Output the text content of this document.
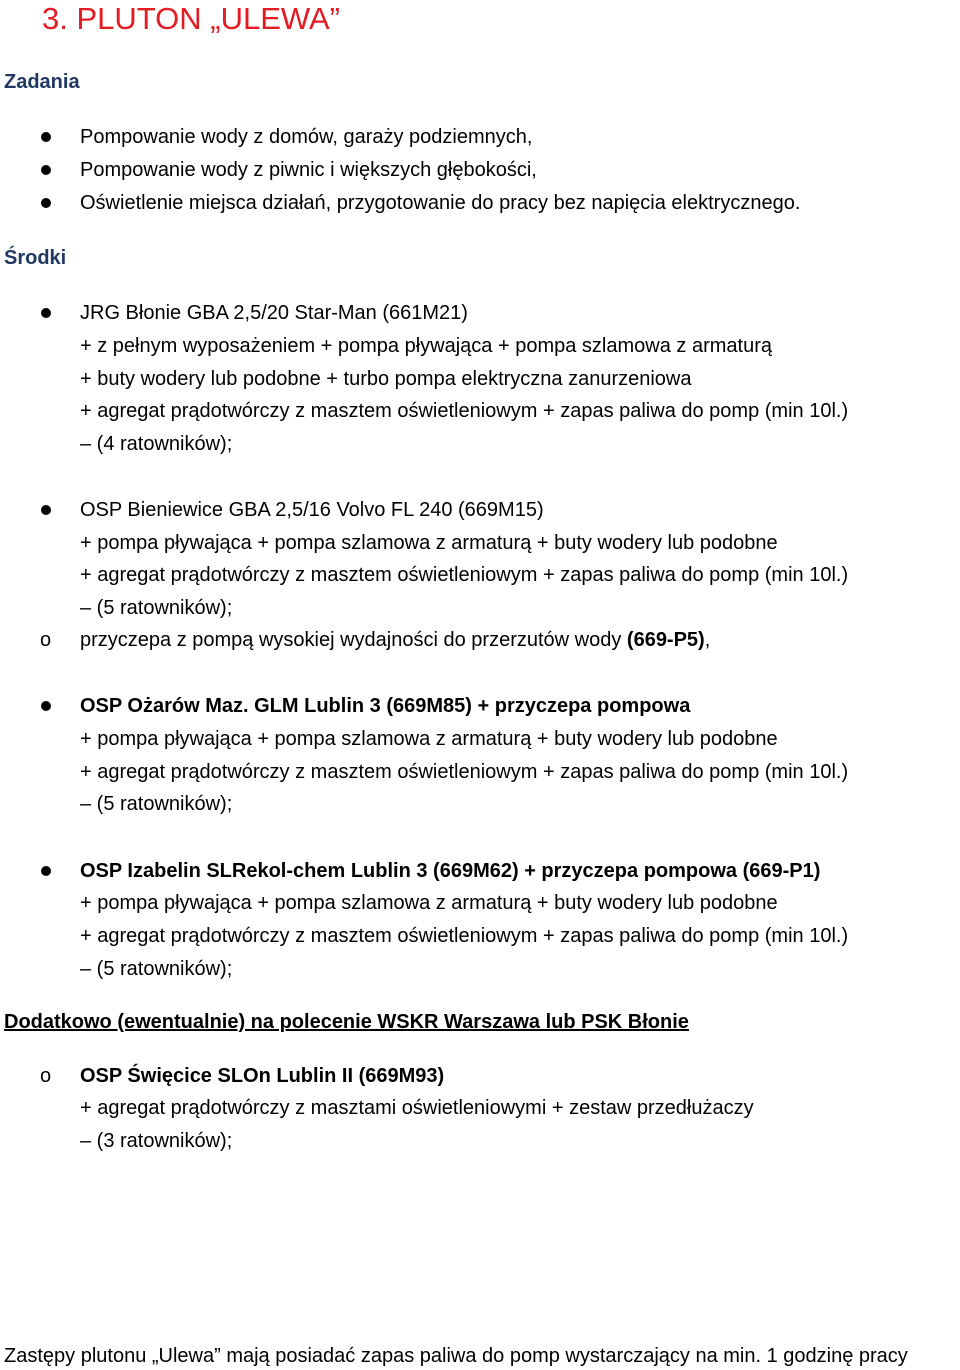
3. PLUTON „ULEWA”
Zadania
Pompowanie wody z domów, garaży podziemnych,
Pompowanie wody z piwnic i większych głębokości,
Oświetlenie miejsca działań, przygotowanie do pracy bez napięcia elektrycznego.
Środki
JRG Błonie GBA 2,5/20 Star-Man (661M21)
+ z pełnym wyposażeniem + pompa pływająca + pompa szlamowa z armaturą
+ buty wodery lub podobne + turbo pompa elektryczna zanurzeniowa
+ agregat prądotwórczy z masztem oświetleniowym + zapas paliwa do pomp (min 10l.)
– (4 ratowników);
OSP Bieniewice GBA 2,5/16 Volvo FL 240 (669M15)
+ pompa pływająca + pompa szlamowa z armaturą + buty wodery lub podobne
+ agregat prądotwórczy z masztem oświetleniowym + zapas paliwa do pomp (min 10l.)
– (5 ratowników);
o przyczepa z pompą wysokiej wydajności do przerzutów wody (669-P5),
OSP Ożarów Maz. GLM Lublin 3 (669M85) + przyczepa pompowa
+ pompa pływająca + pompa szlamowa z armaturą + buty wodery lub podobne
+ agregat prądotwórczy z masztem oświetleniowym + zapas paliwa do pomp (min 10l.)
– (5 ratowników);
OSP Izabelin SLRekol-chem Lublin 3 (669M62) + przyczepa pompowa (669-P1)
+ pompa pływająca + pompa szlamowa z armaturą + buty wodery lub podobne
+ agregat prądotwórczy z masztem oświetleniowym + zapas paliwa do pomp (min 10l.)
– (5 ratowników);
Dodatkowo (ewentualnie) na polecenie WSKR Warszawa lub PSK Błonie
o OSP Święcice SLOn Lublin II (669M93)
+ agregat prądotwórczy z masztami oświetleniowymi + zestaw przedłużaczy
– (3 ratowników);
Zastępy plutonu „Ulewa” mają posiadać zapas paliwa do pomp wystarczający na min. 1 godzinę pracy
